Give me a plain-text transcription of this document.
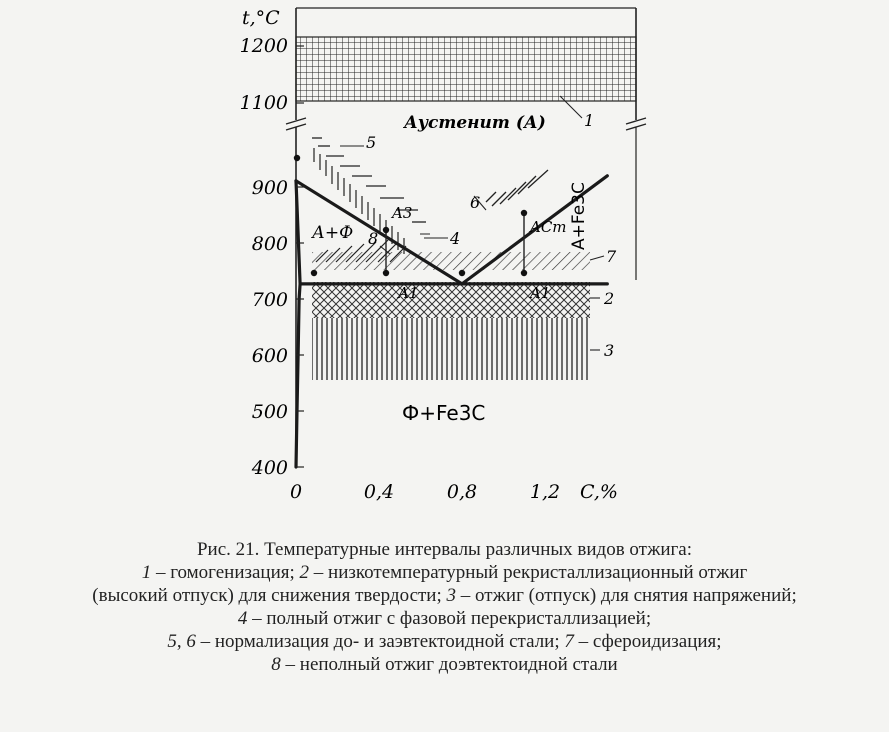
t,°C
C,%
1200
1100
900
800
700
600
500
400
0	0,4	0,8	1,2
Аустенит (А)
А+Ф	А+Fe3C
Ф+Fe3C
A3
ACm
A1	A1
1
2
3
4
5
6
7
8
Рис. 21. Температурные интервалы различных видов отжига:
1 – гомогенизация; 2 – низкотемпературный рекристаллизационный отжиг
(высокий отпуск) для снижения твердости; 3 – отжиг (отпуск) для снятия напряжений;
4 – полный отжиг с фазовой перекристаллизацией;
5, 6 – нормализация до- и заэвтектоидной стали; 7 – сфероидизация;
8 – неполный отжиг доэвтектоидной стали
